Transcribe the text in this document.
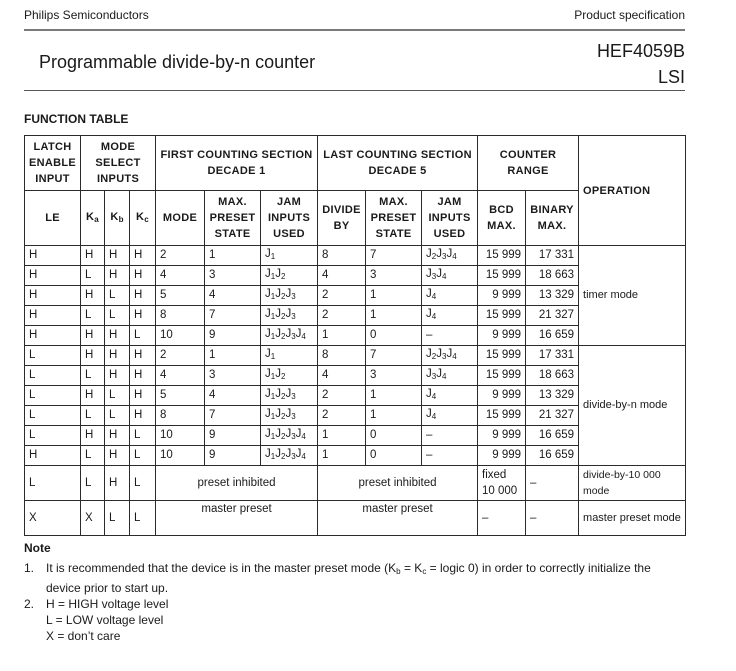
Philips Semiconductors	Product specification
Programmable divide-by-n counter
HEF4059B
LSI
FUNCTION TABLE
LATCH ENABLE INPUT	MODE SELECT INPUTS			FIRST COUNTING SECTION DECADE 1			LAST COUNTING SECTION DECADE 5			COUNTER RANGE		OPERATION
LE	$K_a$	$K_b$	$K_c$	MODE	MAX. PRESET STATE	JAM INPUTS USED	DIVIDE BY	MAX. PRESET STATE	JAM INPUTS USED	BCD MAX.	BINARY MAX.	
H	H	H	H	2	1	$J_1$	8	7	$J_2J_3J_4$	15 999	17 331	timer mode
H	L	H	H	4	3	$J_1J_2$	4	3	$J_3J_4$	15 999	18 663	
H	H	L	H	5	4	$J_1J_2J_3$	2	1	$J_4$	9 999	13 329	
H	L	L	H	8	7	$J_1J_2J_3$	2	1	$J_4$	15 999	21 327	
H	H	H	L	10	9	$J_1J_2J_3J_4$	1	0	–	9 999	16 659	
L	H	H	H	2	1	$J_1$	8	7	$J_2J_3J_4$	15 999	17 331	divide-by-n mode
L	L	H	H	4	3	$J_1J_2$	4	3	$J_3J_4$	15 999	18 663	
L	H	L	H	5	4	$J_1J_2J_3$	2	1	$J_4$	9 999	13 329	
L	L	L	H	8	7	$J_1J_2J_3$	2	1	$J_4$	15 999	21 327	
L	H	H	L	10	9	$J_1J_2J_3J_4$	1	0	–	9 999	16 659	
H	L	H	L	10	9	$J_1J_2J_3J_4$	1	0	–	9 999	16 659	
L	L	H	L	preset inhibited			preset inhibited			fixed 10 000	–	divide-by-10 000 mode
X	X	L	L	master preset			master preset			–	–	master preset mode
Note
1. It is recommended that the device is in the master preset mode ($K_b = K_c$ = logic 0) in order to correctly initialize the device prior to start up.
2. H = HIGH voltage level
L = LOW voltage level
X = don’t care
